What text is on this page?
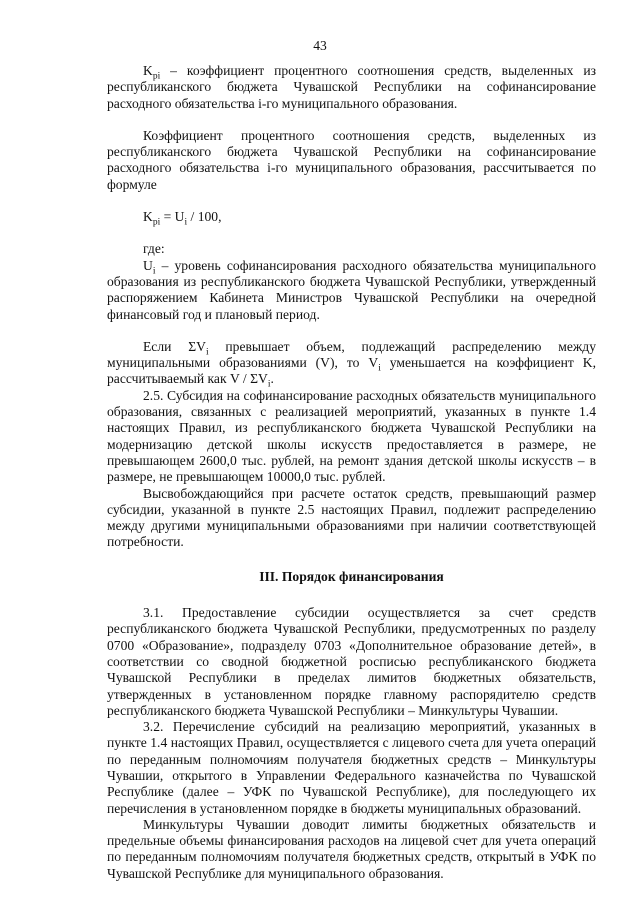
43

$K_{pi}$ – коэффициент процентного соотношения средств, выделенных из республиканского бюджета Чувашской Республики на софинансирование расходного обязательства i-го муниципального образования.

Коэффициент процентного соотношения средств, выделенных из республиканского бюджета Чувашской Республики на софинансирование расходного обязательства i-го муниципального образования, рассчитывается по формуле

$K_{pi} = U_i / 100$,

где:

$U_i$ – уровень софинансирования расходного обязательства муниципального образования из республиканского бюджета Чувашской Республики, утвержденный распоряжением Кабинета Министров Чувашской Республики на очередной финансовый год и плановый период.

Если $\Sigma V_i$ превышает объем, подлежащий распределению между муниципальными образованиями (V), то $V_i$ уменьшается на коэффициент K, рассчитываемый как V / $\Sigma V_i$.

2.5. Субсидия на софинансирование расходных обязательств муниципального образования, связанных с реализацией мероприятий, указанных в пункте 1.4 настоящих Правил, из республиканского бюджета Чувашской Республики на модернизацию детской школы искусств предоставляется в размере, не превышающем 2600,0 тыс. рублей, на ремонт здания детской школы искусств – в размере, не превышающем 10000,0 тыс. рублей.

Высвобождающийся при расчете остаток средств, превышающий размер субсидии, указанной в пункте 2.5 настоящих Правил, подлежит распределению между другими муниципальными образованиями при наличии соответствующей потребности.

III. Порядок финансирования

3.1. Предоставление субсидии осуществляется за счет средств республиканского бюджета Чувашской Республики, предусмотренных по разделу 0700 «Образование», подразделу 0703 «Дополнительное образование детей», в соответствии со сводной бюджетной росписью республиканского бюджета Чувашской Республики в пределах лимитов бюджетных обязательств, утвержденных в установленном порядке главному распорядителю средств республиканского бюджета Чувашской Республики – Минкультуры Чувашии.

3.2. Перечисление субсидий на реализацию мероприятий, указанных в пункте 1.4 настоящих Правил, осуществляется с лицевого счета для учета операций по переданным полномочиям получателя бюджетных средств – Минкультуры Чувашии, открытого в Управлении Федерального казначейства по Чувашской Республике (далее – УФК по Чувашской Республике), для последующего их перечисления в установленном порядке в бюджеты муниципальных образований.

Минкультуры Чувашии доводит лимиты бюджетных обязательств и предельные объемы финансирования расходов на лицевой счет для учета операций по переданным полномочиям получателя бюджетных средств, открытый в УФК по Чувашской Республике для муниципального образования.
